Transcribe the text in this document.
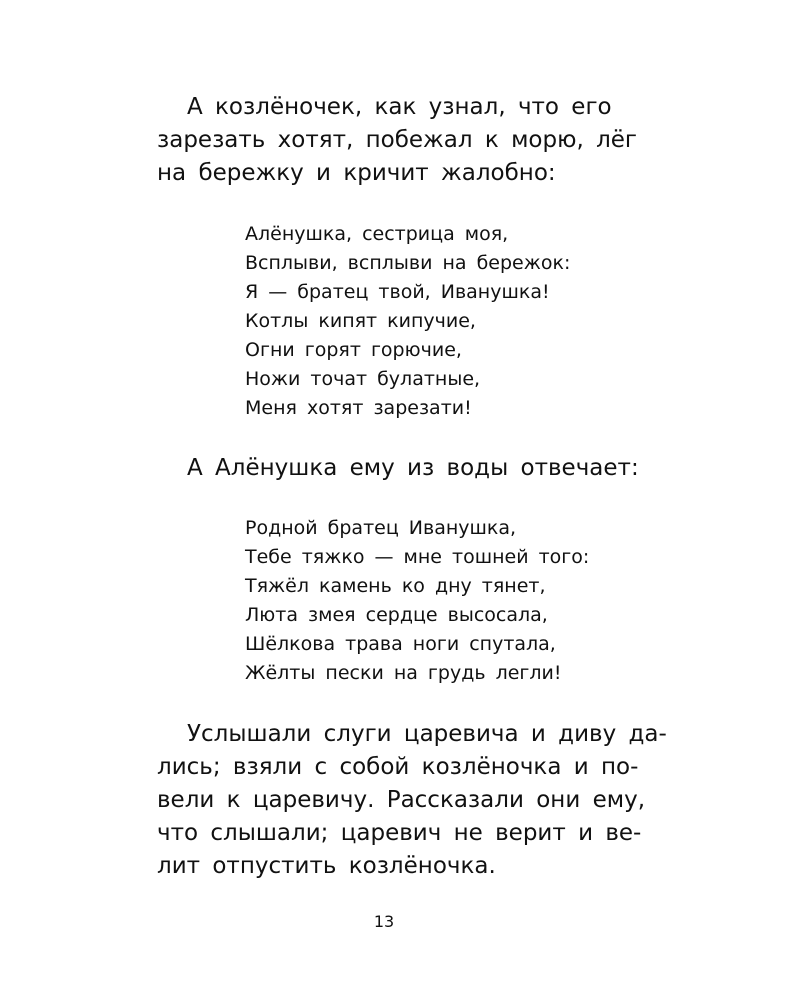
А козлёночек, как узнал, что его
зарезать хотят, побежал к морю, лёг
на бережку и кричит жалобно:

Алёнушка, сестрица моя,
Всплыви, всплыви на бережок:
Я — братец твой, Иванушка!
Котлы кипят кипучие,
Огни горят горючие,
Ножи точат булатные,
Меня хотят зарезати!

А Алёнушка ему из воды отвечает:

Родной братец Иванушка,
Тебе тяжко — мне тошней того:
Тяжёл камень ко дну тянет,
Люта змея сердце высосала,
Шёлкова трава ноги спутала,
Жёлты пески на грудь легли!

Услышали слуги царевича и диву да-
лись; взяли с собой козлёночка и по-
вели к царевичу. Рассказали они ему,
что слышали; царевич не верит и ве-
лит отпустить козлёночка.

13
